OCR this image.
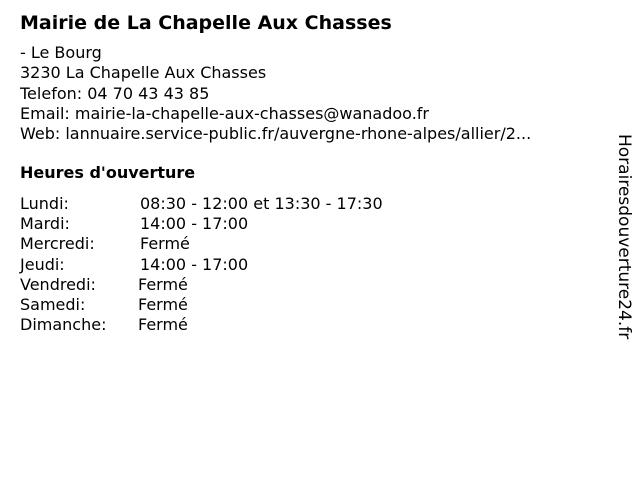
Mairie de La Chapelle Aux Chasses
- Le Bourg
3230 La Chapelle Aux Chasses
Telefon: 04 70 43 43 85
Email: mairie-la-chapelle-aux-chasses@wanadoo.fr
Web: lannuaire.service-public.fr/auvergne-rhone-alpes/allier/2...
Heures d'ouverture
Lundi:	08:30 - 12:00 et 13:30 - 17:30
Mardi:	14:00 - 17:00
Mercredi:	Fermé
Jeudi:	14:00 - 17:00
Vendredi:	Fermé
Samedi:	Fermé
Dimanche: Fermé	Horairesdouverture24.fr
